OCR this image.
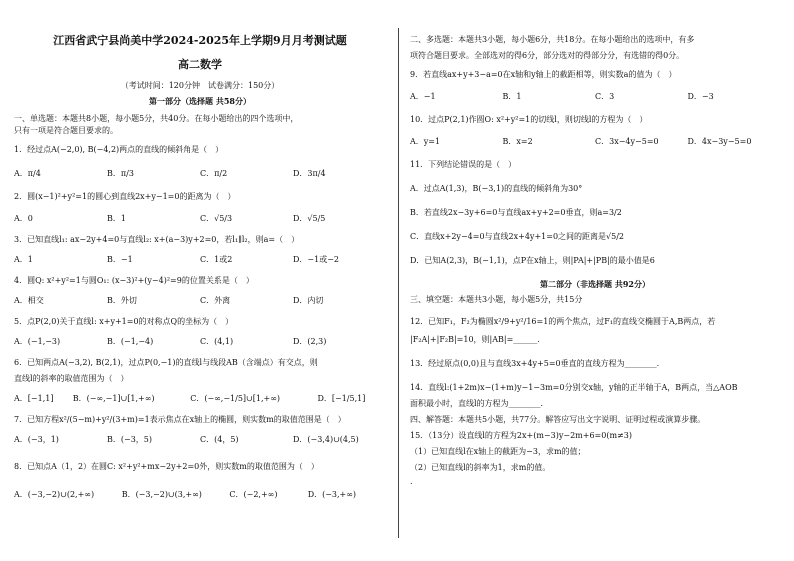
江西省武宁县尚美中学2024-2025年上学期9月月考测试题
高二数学
（考试时间：120分钟　试卷满分：150分）
第一部分（选择题 共58分）
一、单选题：本题共8小题，每小题5分，共40分。在每小题给出的四个选项中，
只有一项是符合题目要求的。
1．经过点A(−2,0), B(−4,2)两点的直线的倾斜角是（　）
A．π/4	B．π/3	C．π/2	D．3π/4
2．圆(x−1)²+y²=1的圆心到直线2x+y−1=0的距离为（　）
A．0	B．1	C．√5/3	D．√5/5
3．已知直线l₁: ax−2y+4=0与直线l₂: x+(a−3)y+2=0，若l₁∥l₂，则a=（　）
A．1	B．−1	C．1或2	D．−1或−2
4．圆Q: x²+y²=1与圆O₁: (x−3)²+(y−4)²=9的位置关系是（　）
A．相交	B．外切	C．外离	D．内切
5．点P(2,0)关于直线l: x+y+1=0的对称点Q的坐标为（　）
A．(−1,−3)	B．(−1,−4)	C．(4,1)	D．(2,3)
6．已知两点A(−3,2), B(2,1)，过点P(0,−1)的直线l与线段AB（含端点）有交点，则
直线l的斜率的取值范围为（　）
A．[−1,1]	B．(−∞,−1]∪[1,+∞)	C．(−∞,−1/5]∪[1,+∞)	D．[−1/5,1]
7．已知方程x²/(5−m)+y²/(3+m)=1表示焦点在x轴上的椭圆，则实数m的取值范围是（　）
A．(−3，1)	B．(−3，5)	C．(4，5)	D．(−3,4)∪(4,5)
8．已知点A（1，2）在圆C: x²+y²+mx−2y+2=0外，则实数m的取值范围为（　）
A．(−3,−2)∪(2,+∞)	B．(−3,−2)∪(3,+∞)	C．(−2,+∞)	D．(−3,+∞)
二、多选题：本题共3小题，每小题6分，共18分。在每小题给出的选项中，有多
项符合题目要求。全部选对的得6分，部分选对的得部分分，有选错的得0分。
9．若直线ax+y+3−a=0在x轴和y轴上的截距相等，则实数a的值为（　）
A．−1	B．1	C．3	D．−3
10．过点P(2,1)作圆O: x²+y²=1的切线l，则切线l的方程为（　）
A．y=1	B．x=2	C．3x−4y−5=0	D．4x−3y−5=0
11．下列结论错误的是（　）
A．过点A(1,3)，B(−3,1)的直线的倾斜角为30°
B．若直线2x−3y+6=0与直线ax+y+2=0垂直，则a=3/2
C．直线x+2y−4=0与直线2x+4y+1=0之间的距离是√5/2
D．已知A(2,3)，B(−1,1)，点P在x轴上，则|PA|+|PB|的最小值是6
第二部分（非选择题 共92分）
三、填空题：本题共3小题，每小题5分，共15分
12．已知F₁，F₂为椭圆x²/9+y²/16=1的两个焦点，过F₁的直线交椭圆于A,B两点，若
|F₂A|+|F₂B|=10，则|AB|=______.
13．经过原点(0,0)且与直线3x+4y+5=0垂直的直线方程为________.
14．直线l:(1+2m)x−(1+m)y−1−3m=0分别交x轴，y轴的正半轴于A，B两点，当△AOB
面积最小时，直线l的方程为________.
四、解答题：本题共5小题，共77分。解答应写出文字说明、证明过程或演算步骤。
15．（13分）设直线l的方程为2x+(m−3)y−2m+6=0(m≠3)
（1）已知直线l在x轴上的截距为−3，求m的值；
（2）已知直线l的斜率为1，求m的值。
.
